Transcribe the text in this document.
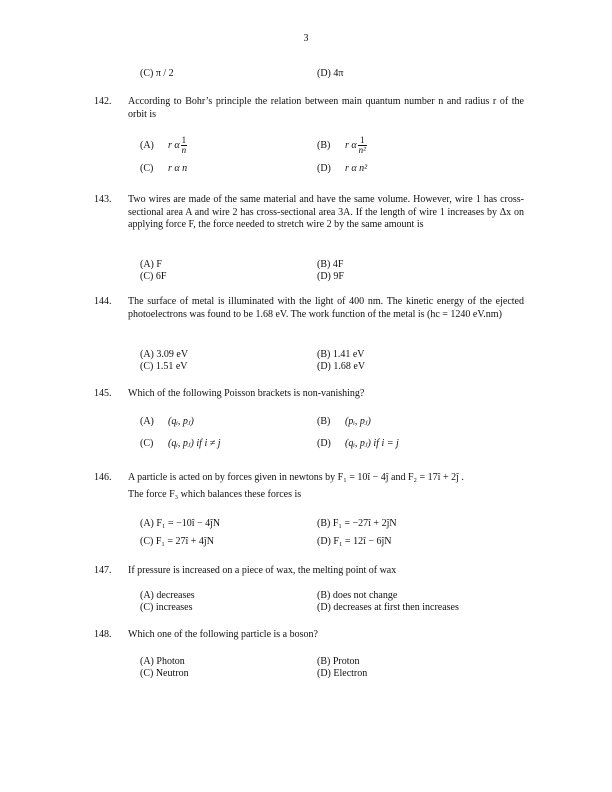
3
(C) π / 2	(D) 4π
142. According to Bohr’s principle the relation between main quantum number n and radius r of the orbit is
(A) r α $\frac{1}{n}$	(B) r α $\frac{1}{\text{n²}}$
(C) r α n	(D) r α n²
143. Two wires are made of the same material and have the same volume. However, wire 1 has cross-sectional area A and wire 2 has cross-sectional area 3A. If the length of wire 1 increases by Δx on applying force F, the force needed to stretch wire 2 by the same amount is
(A) F	(B) 4F
(C) 6F	(D) 9F
144. The surface of metal is illuminated with the light of 400 nm. The kinetic energy of the ejected photoelectrons was found to be 1.68 eV. The work function of the metal is (hc = 1240 eV.nm)
(A) 3.09 eV	(B) 1.41 eV
(C) 1.51 eV	(D) 1.68 eV
145. Which of the following Poisson brackets is non-vanishing?
(A) (qᵢ, pⱼ)	(B) (pᵢ, pⱼ)
(C) (qᵢ, pⱼ) if i ≠ j	(D) (qᵢ, pⱼ) if i = j
146. A particle is acted on by forces given in newtons by F₁ = 10î − 4ĵ and F₂ = 17î + 2ĵ .
The force F₃ which balances these forces is
(A) F₁ = −10î − 4ĵN	(B) F₁ = −27î + 2ĵN
(C) F₁ = 27î + 4ĵN	(D) F₁ = 12î − 6ĵN
147. If pressure is increased on a piece of wax, the melting point of wax
(A) decreases	(B) does not change
(C) increases	(D) decreases at first then increases
148. Which one of the following particle is a boson?
(A) Photon	(B) Proton
(C) Neutron	(D) Electron
